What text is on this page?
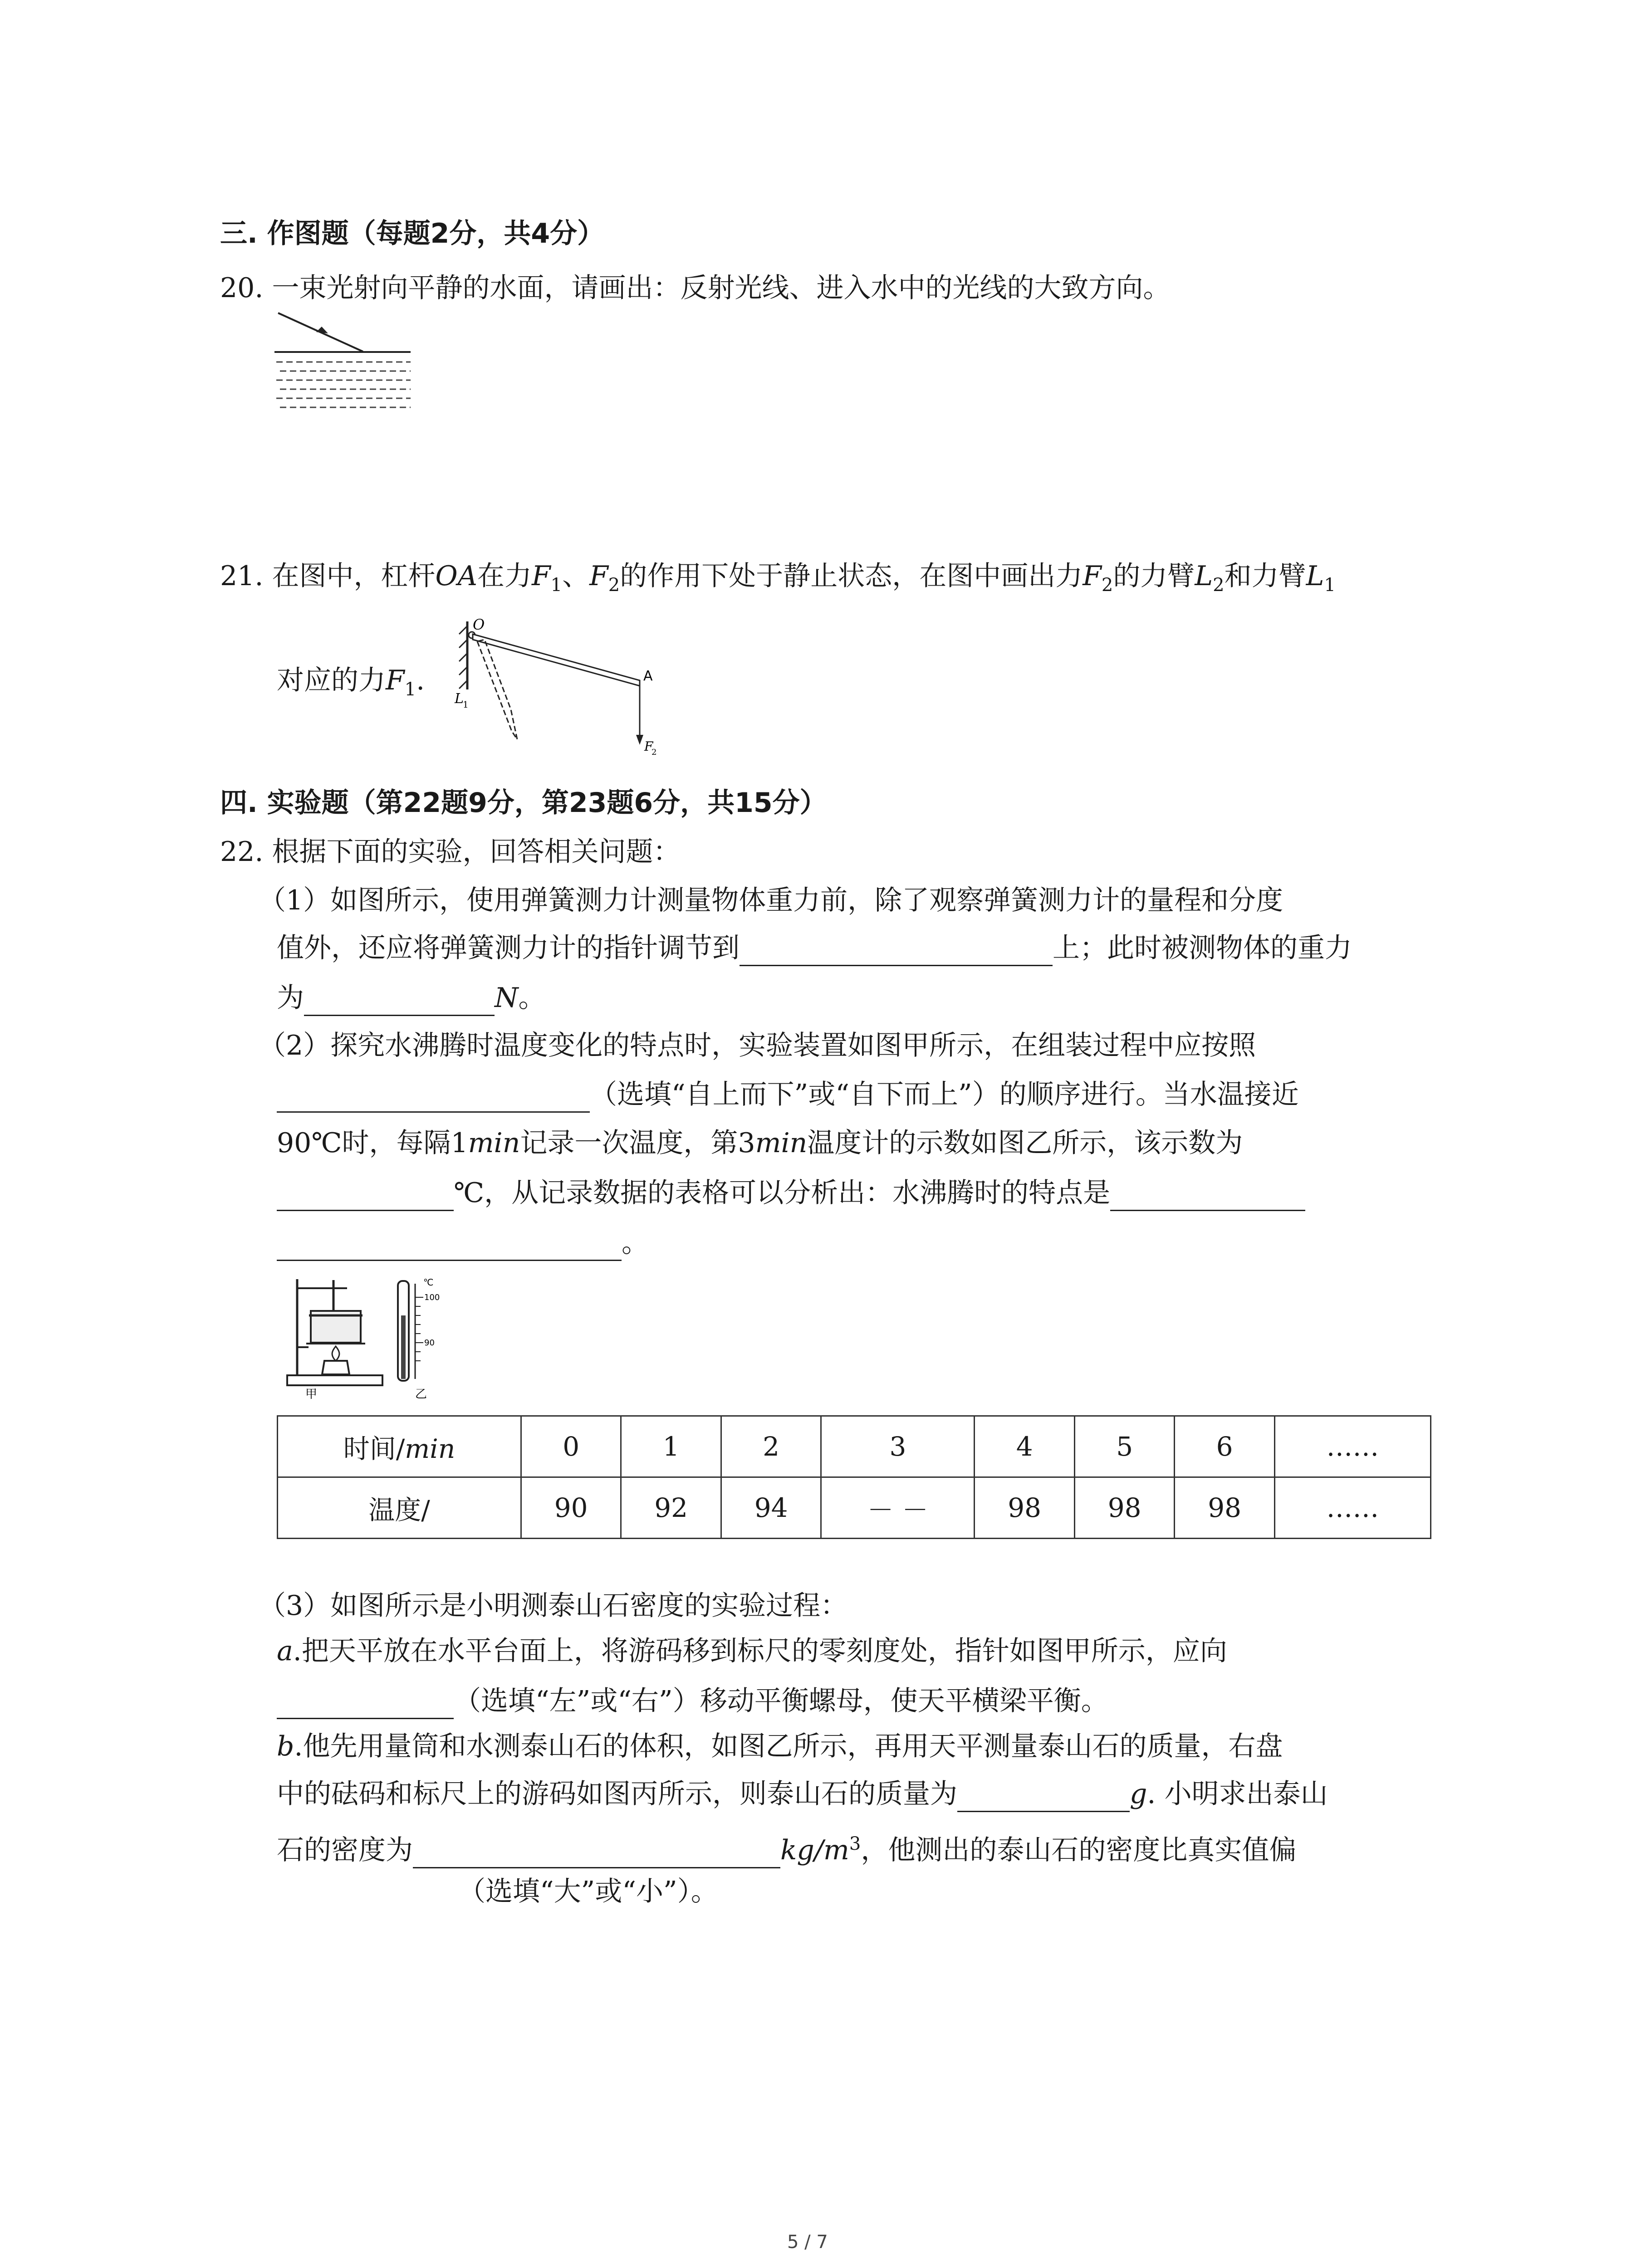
三. 作图题（每题2分，共4分）
20. 一束光射向平静的水面，请画出：反射光线、进入水中的光线的大致方向。
21. 在图中，杠杆OA在力$F_1$、$F_2$的作用下处于静止状态，在图中画出力$F_2$的力臂$L_2$和力臂$L_1$
对应的力$F_1$.
O
A
L
1
F
2
四. 实验题（第22题9分，第23题6分，共15分）
22. 根据下面的实验，回答相关问题：
（1）如图所示，使用弹簧测力计测量物体重力前，除了观察弹簧测力计的量程和分度
值外，还应将弹簧测力计的指针调节到	上；此时被测物体的重力
为	N。
（2）探究水沸腾时温度变化的特点时，实验装置如图甲所示，在组装过程中应按照
（选填“自上而下”或“自下而上”）的顺序进行。当水温接近
90℃时，每隔1min记录一次温度，第3min温度计的示数如图乙所示，该示数为
℃，从记录数据的表格可以分析出：水沸腾时的特点是
。
甲
℃
100
90
乙
时间/min	0	1	2	3	4	5	6	……
温度/	90	92	94	－ －	98	98	98	……
（3）如图所示是小明测泰山石密度的实验过程：
a.把天平放在水平台面上，将游码移到标尺的零刻度处，指针如图甲所示，应向
（选填“左”或“右”）移动平衡螺母，使天平横梁平衡。
b.他先用量筒和水测泰山石的体积，如图乙所示，再用天平测量泰山石的质量，右盘
中的砝码和标尺上的游码如图丙所示，则泰山石的质量为	g. 小明求出泰山
石的密度为	$kg/m^3$，他测出的泰山石的密度比真实值偏
（选填“大”或“小”）。
5 / 7
